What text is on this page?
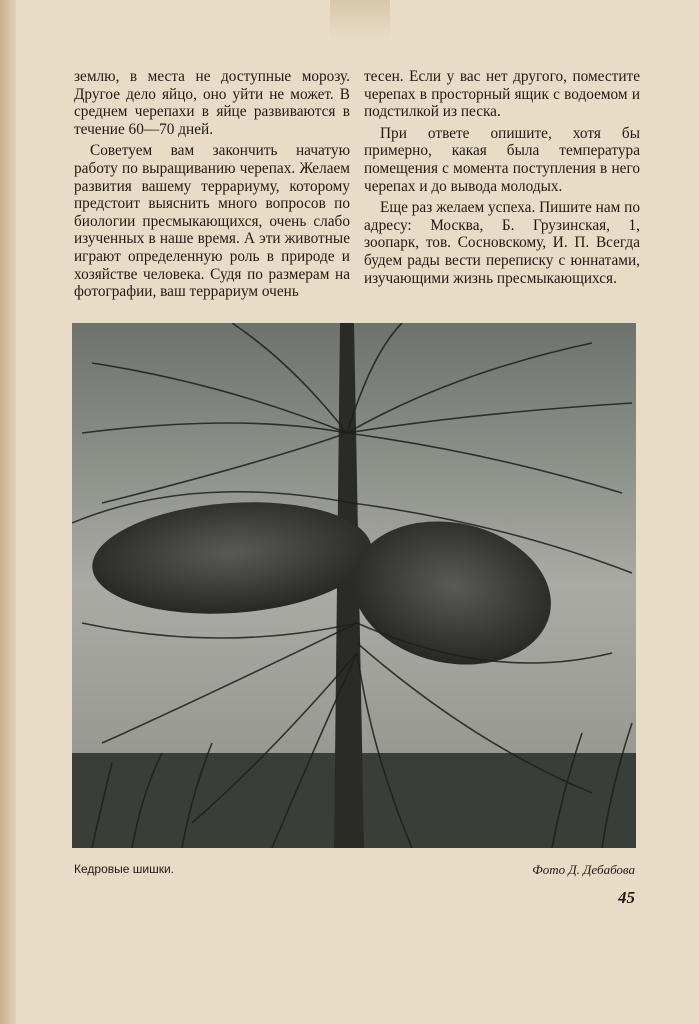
землю, в места не доступные морозу. Другое дело яйцо, оно уйти не может. В среднем черепахи в яйце развиваются в течение 60—70 дней.

Советуем вам закончить начатую работу по выращиванию черепах. Желаем развития вашему террариуму, которому предстоит выяснить много вопросов по биологии пресмыкающихся, очень слабо изученных в наше время. А эти животные играют определенную роль в природе и хозяйстве человека. Судя по размерам на фотографии, ваш террариум очень

тесен. Если у вас нет другого, поместите черепах в просторный ящик с водоемом и подстилкой из песка.

При ответе опишите, хотя бы примерно, какая была температура помещения с момента поступления в него черепах и до вывода молодых.

Еще раз желаем успеха. Пишите нам по адресу: Москва, Б. Грузинская, 1, зоопарк, тов. Сосновскому, И. П. Всегда будем рады вести переписку с юннатами, изучающими жизнь пресмыкающихся.

Кедровые шишки.	Фото Д. Дебабова
45
